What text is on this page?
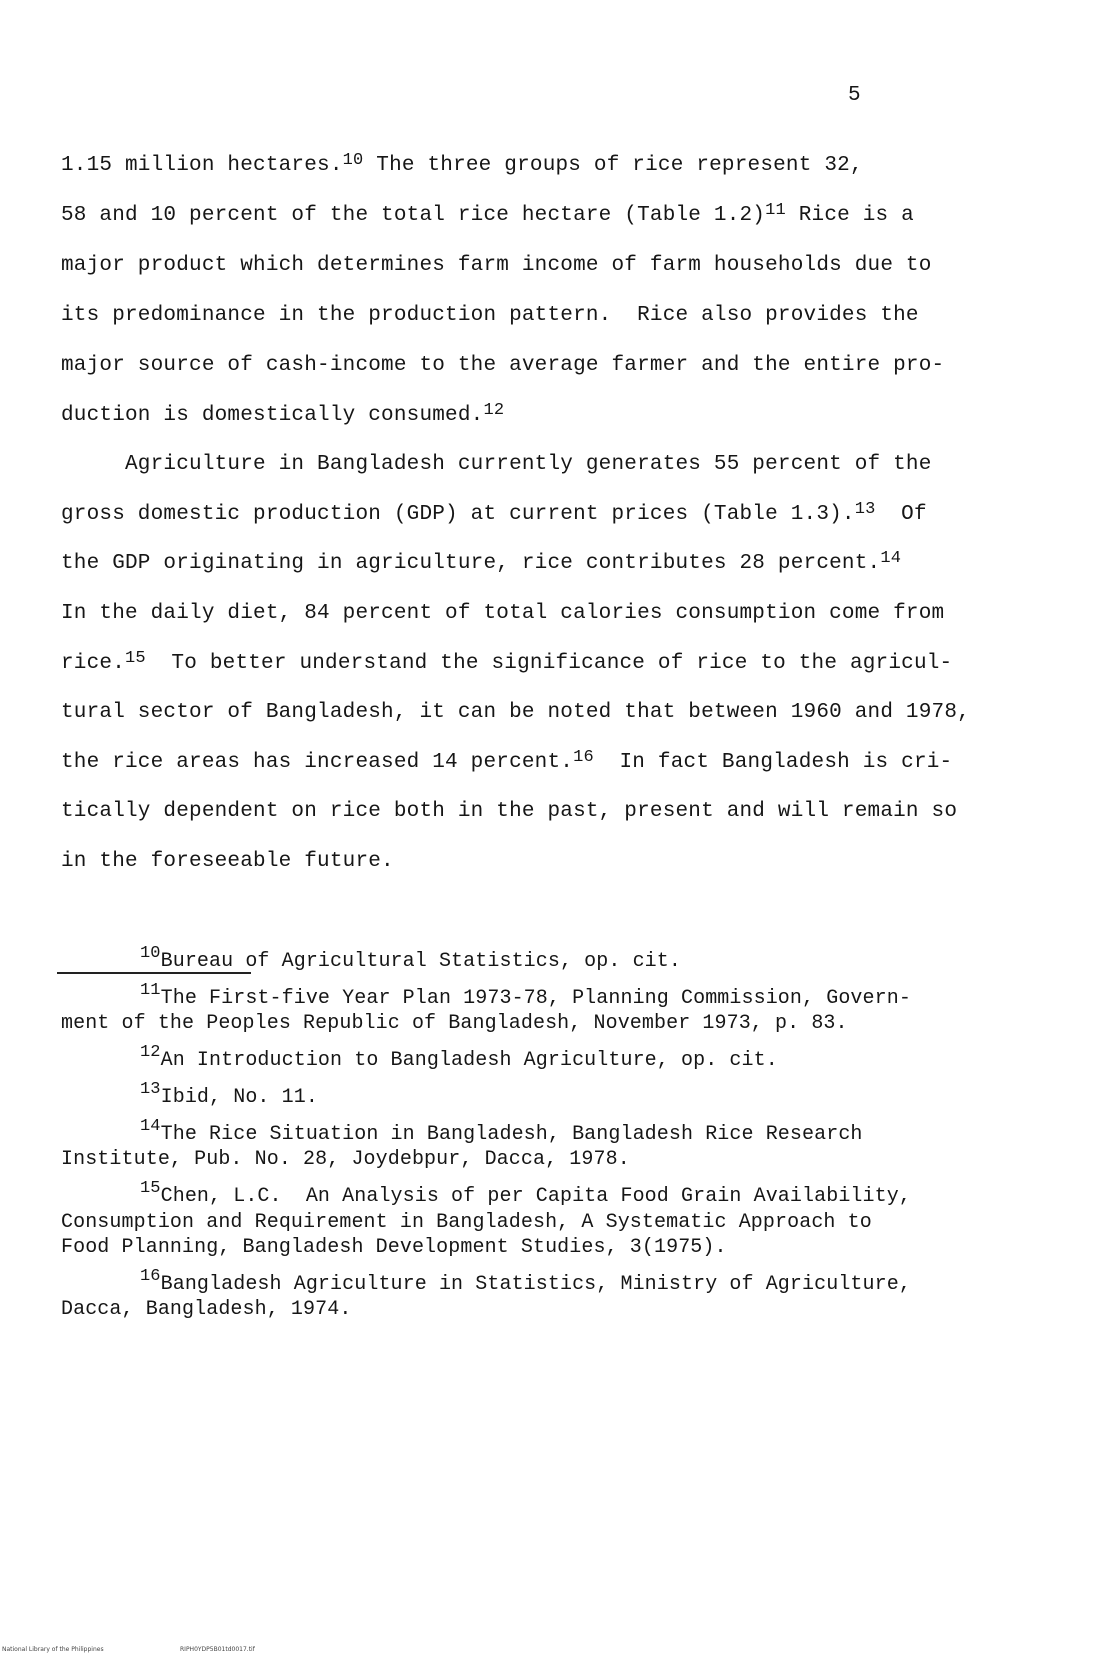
5
1.15 million hectares.$^{10}$ The three groups of rice represent 32,
58 and 10 percent of the total rice hectare (Table 1.2)$^{11}$ Rice is a
major product which determines farm income of farm households due to
its predominance in the production pattern.  Rice also provides the
major source of cash-income to the average farmer and the entire pro-
duction is domestically consumed.$^{12}$
Agriculture in Bangladesh currently generates 55 percent of the
gross domestic production (GDP) at current prices (Table 1.3).$^{13}$  Of
the GDP originating in agriculture, rice contributes 28 percent.$^{14}$
In the daily diet, 84 percent of total calories consumption come from
rice.$^{15}$  To better understand the significance of rice to the agricul-
tural sector of Bangladesh, it can be noted that between 1960 and 1978,
the rice areas has increased 14 percent.$^{16}$  In fact Bangladesh is cri-
tically dependent on rice both in the past, present and will remain so
in the foreseeable future.
$^{10}$Bureau of Agricultural Statistics, op. cit.
$^{11}$The First-five Year Plan 1973-78, Planning Commission, Govern-
ment of the Peoples Republic of Bangladesh, November 1973, p. 83.
$^{12}$An Introduction to Bangladesh Agriculture, op. cit.
$^{13}$Ibid, No. 11.
$^{14}$The Rice Situation in Bangladesh, Bangladesh Rice Research
Institute, Pub. No. 28, Joydebpur, Dacca, 1978.
$^{15}$Chen, L.C.  An Analysis of per Capita Food Grain Availability,
Consumption and Requirement in Bangladesh, A Systematic Approach to
Food Planning, Bangladesh Development Studies, 3(1975).
$^{16}$Bangladesh Agriculture in Statistics, Ministry of Agriculture,
Dacca, Bangladesh, 1974.
National Library of the Philippines	RIPH0YDP5B01td0017.tif
